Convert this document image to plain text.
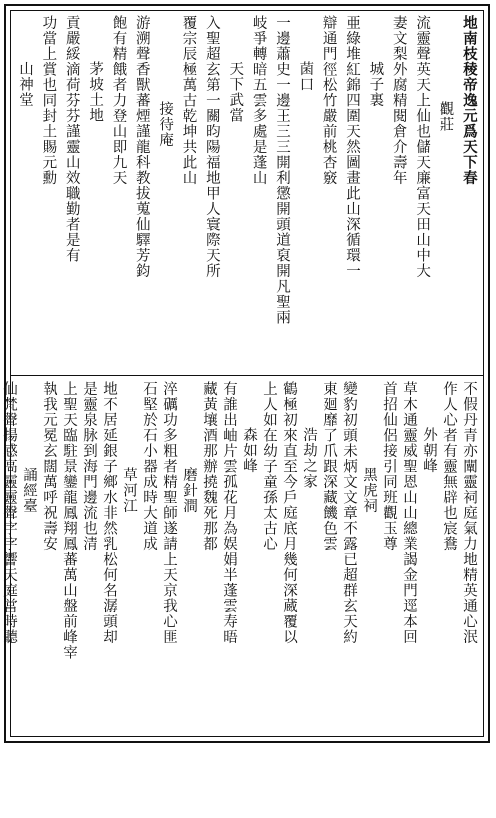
地南枝稜帝逸元爲天下春
觀莊
流靈聲英天上仙也儲天廉富天田山中大
妻文梨外腐精閱倉介壽年
城子裏
亜綠堆紅錦四圍天然圖畫此山深循環一
辯通門徑松竹嚴前桃杏竅
菌口
一邊蕭史一邊王三三開利懲開頭道裒開凡聖兩
岐爭轉暗五雲多處是蓬山
天下武當
入聖超玄第一關昀陽福地甲人寰際天所
覆宗辰極萬古乾坤共此山
接待庵
游溯聲香獸蕃煙謹龍科教拔蒐仙驛芳鈞
飽有精餓者力登山即九天
茅坡土地
貢嚴綏滴荷芬芬謹靈山效職勤者是有
功當上賞也同封土賜元勳
山神堂
不假丹青亦闡靈祠庭氣力地精英通心泯
作人心者有靈無辟也宸鴦
外朝峰
草木通靈威聖恩山山總業謁金門逕本回
首招仙侶接引同班觀玉尊
黑虎祠
變豹初頭未炳文文章不露已超群玄天約
東廻靡了爪跟深藏饑色雲
浩劫之家
鶴極初來直至今戶庭底月幾何深蔵覆以
上人如在幼子童孫太古心
森如峰
有誰出岫片雲孤花月為娱娟半蓬雲寿晤
藏黃壤酒那辦撓魏死那都
磨針澗
淬礪功多粗者精聖師遂請上天京我心匪
石堅於石小器成時大道成
草河江
地不居延銀子鄉水非然乳松何名潺頭却
是靈泉脉到海門邊流也清
上聖天臨駐景鑾龍鳳翔鳳蕃萬山盤前峰宰
執我元冕玄闊萬呼祝壽安
誦經臺
仙梵聲揚感高靈靈聲字字響天庭當時聽
